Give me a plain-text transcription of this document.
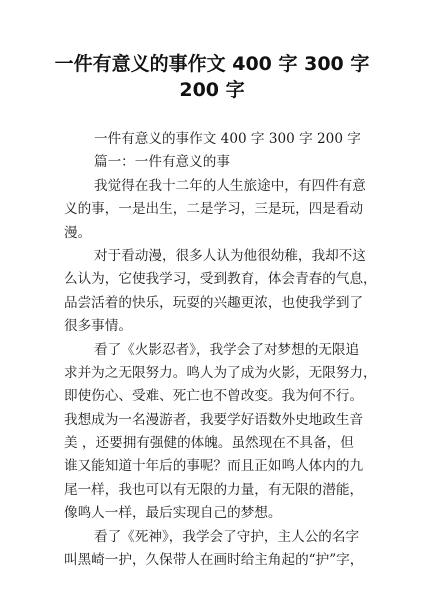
一件有意义的事作文 400 字 300 字
200 字
一件有意义的事作文 400 字 300 字 200 字
篇一：一件有意义的事
我觉得在我十二年的人生旅途中，有四件有意
义的事，一是出生，二是学习，三是玩，四是看动
漫。
对于看动漫，很多人认为他很幼稚，我却不这
么认为，它使我学习，受到教育，体会青春的气息，
品尝活着的快乐，玩耍的兴趣更浓，也使我学到了
很多事情。
看了《火影忍者》，我学会了对梦想的无限追
求并为之无限努力。鸣人为了成为火影，无限努力，
即使伤心、受难、死亡也不曾改变。我为何不行。
我想成为一名漫游者，我要学好语数外史地政生音
美 ，还要拥有强健的体魄。虽然现在不具备，但
谁又能知道十年后的事呢？而且正如鸣人体内的九
尾一样，我也可以有无限的力量，有无限的潜能，
像鸣人一样，最后实现自己的梦想。
看了《死神》，我学会了守护，主人公的名字
叫黑崎一护，久保带人在画时给主角起的“护”字，
